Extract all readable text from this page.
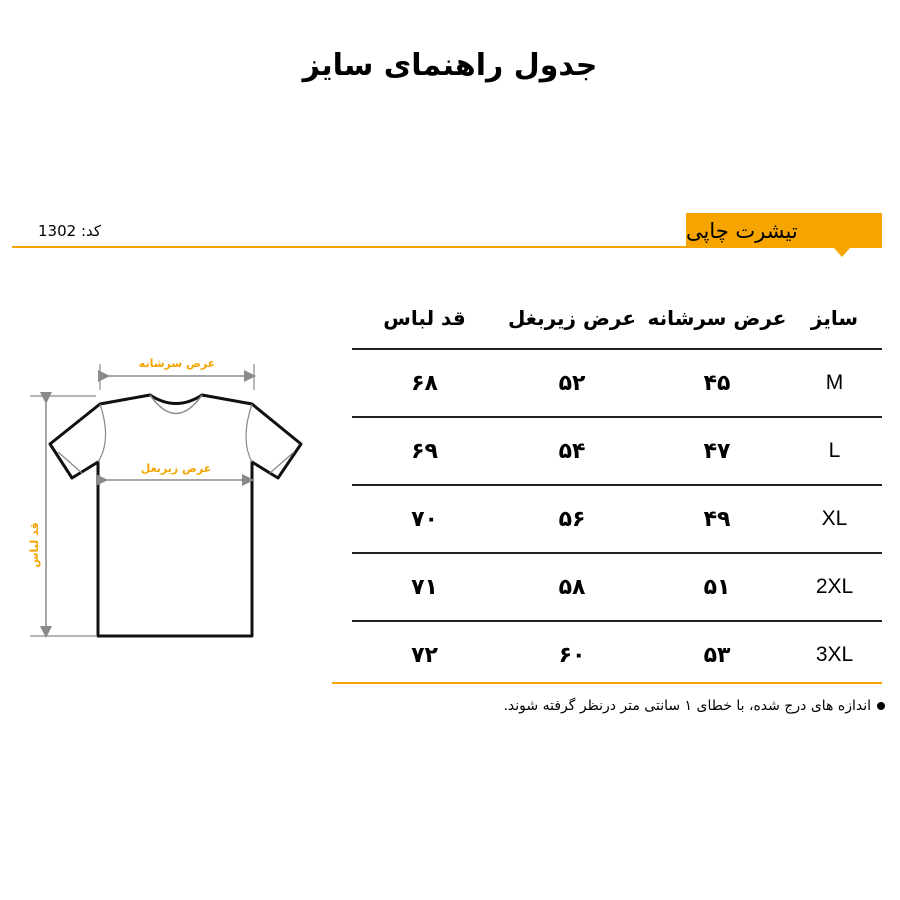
جدول راهنمای سایز
کد: 1302	تیشرت چاپی
سایز
عرض سرشانه
عرض زیربغل
قد لباس
M
۴۵
۵۲
۶۸
L
۴۷
۵۴
۶۹
XL
۴۹
۵۶
۷۰
2XL
۵۱
۵۸
۷۱
3XL
۵۳
۶۰
۷۲
اندازه های درج شده، با خطای ۱ سانتی متر درنظر گرفته شوند.
عرض سرشانه
عرض زیربغل
قد لباس
